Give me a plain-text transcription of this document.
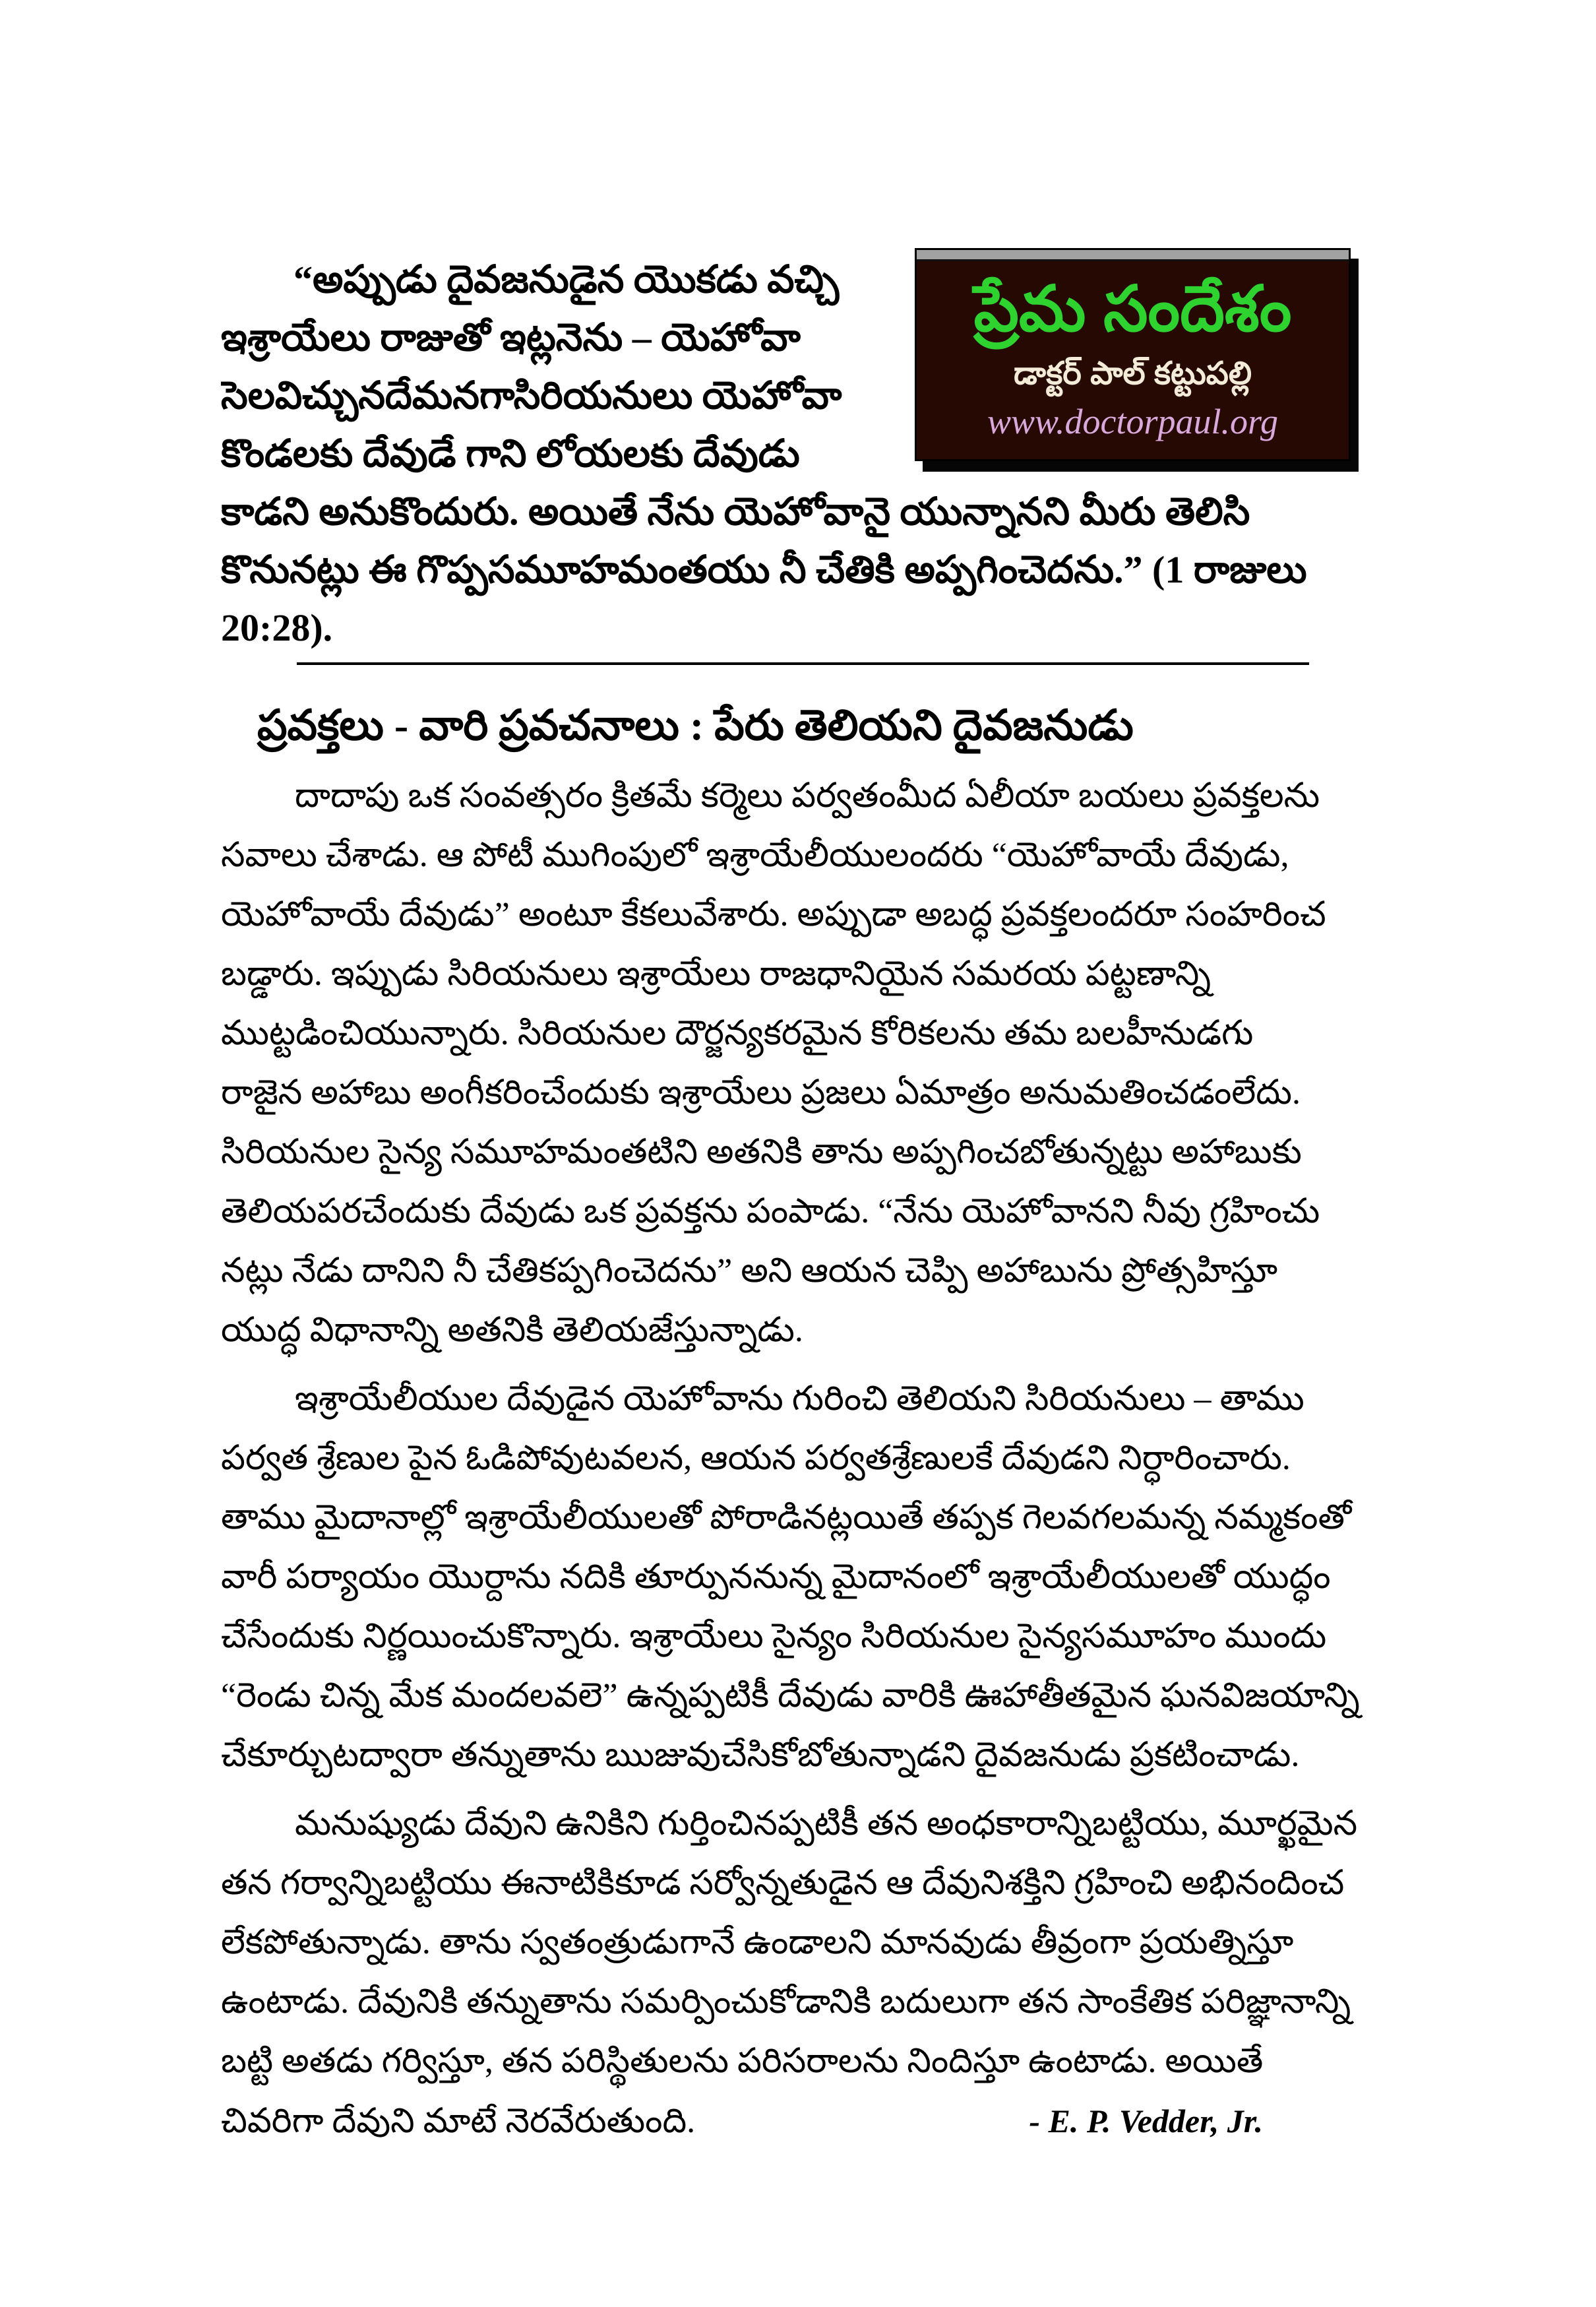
ప్రేమ సందేశం
డాక్టర్ పాల్ కట్టుపల్లి
www.doctorpaul.org
“అప్పుడు దైవజనుడైన యొకడు వచ్చి
ఇశ్రాయేలు రాజుతో ఇట్లనెను – యెహోవా
సెలవిచ్చునదేమనగాసిరియనులు యెహోవా
కొండలకు దేవుడే గాని లోయలకు దేవుడు
కాడని అనుకొందురు. అయితే నేను యెహోవానై యున్నానని మీరు తెలిసి
కొనునట్లు ఈ గొప్పసమూహమంతయు నీ చేతికి అప్పగించెదను.” (1 రాజులు
20:28).
ప్రవక్తలు - వారి ప్రవచనాలు : పేరు తెలియని దైవజనుడు
దాదాపు ఒక సంవత్సరం క్రితమే కర్మెలు పర్వతంమీద ఏలీయా బయలు ప్రవక్తలను
సవాలు చేశాడు. ఆ పోటీ ముగింపులో ఇశ్రాయేలీయులందరు “యెహోవాయే దేవుడు,
యెహోవాయే దేవుడు” అంటూ కేకలువేశారు. అప్పుడా అబద్ధ ప్రవక్తలందరూ సంహరించ
బడ్డారు. ఇప్పుడు సిరియనులు ఇశ్రాయేలు రాజధానియైన సమరయ పట్టణాన్ని
ముట్టడించియున్నారు. సిరియనుల దౌర్జన్యకరమైన కోరికలను తమ బలహీనుడగు
రాజైన అహాబు అంగీకరించేందుకు ఇశ్రాయేలు ప్రజలు ఏమాత్రం అనుమతించడంలేదు.
సిరియనుల సైన్య సమూహమంతటిని అతనికి తాను అప్పగించబోతున్నట్టు అహాబుకు
తెలియపరచేందుకు దేవుడు ఒక ప్రవక్తను పంపాడు. “నేను యెహోవానని నీవు గ్రహించు
నట్లు నేడు దానిని నీ చేతికప్పగించెదను” అని ఆయన చెప్పి అహాబును ప్రోత్సహిస్తూ
యుద్ధ విధానాన్ని అతనికి తెలియజేస్తున్నాడు.
ఇశ్రాయేలీయుల దేవుడైన యెహోవాను గురించి తెలియని సిరియనులు – తాము
పర్వత శ్రేణుల పైన ఓడిపోవుటవలన, ఆయన పర్వతశ్రేణులకే దేవుడని నిర్ధారించారు.
తాము మైదానాల్లో ఇశ్రాయేలీయులతో పోరాడినట్లయితే తప్పక గెలవగలమన్న నమ్మకంతో
వారీ పర్యాయం యొర్దాను నదికి తూర్పుననున్న మైదానంలో ఇశ్రాయేలీయులతో యుద్ధం
చేసేందుకు నిర్ణయించుకొన్నారు. ఇశ్రాయేలు సైన్యం సిరియనుల సైన్యసమూహం ముందు
“రెండు చిన్న మేక మందలవలె” ఉన్నప్పటికీ దేవుడు వారికి ఊహాతీతమైన ఘనవిజయాన్ని
చేకూర్చుటద్వారా తన్నుతాను ఋజువుచేసికోబోతున్నాడని దైవజనుడు ప్రకటించాడు.
మనుష్యుడు దేవుని ఉనికిని గుర్తించినప్పటికీ తన అంధకారాన్నిబట్టియు, మూర్ఖమైన
తన గర్వాన్నిబట్టియు ఈనాటికికూడ సర్వోన్నతుడైన ఆ దేవునిశక్తిని గ్రహించి అభినందించ
లేకపోతున్నాడు. తాను స్వతంత్రుడుగానే ఉండాలని మానవుడు తీవ్రంగా ప్రయత్నిస్తూ
ఉంటాడు. దేవునికి తన్నుతాను సమర్పించుకోడానికి బదులుగా తన సాంకేతిక పరిజ్ఞానాన్ని
బట్టి అతడు గర్విస్తూ, తన పరిస్థితులను పరిసరాలను నిందిస్తూ ఉంటాడు. అయితే
చివరిగా దేవుని మాటే నెరవేరుతుంది.	- E. P. Vedder, Jr.
